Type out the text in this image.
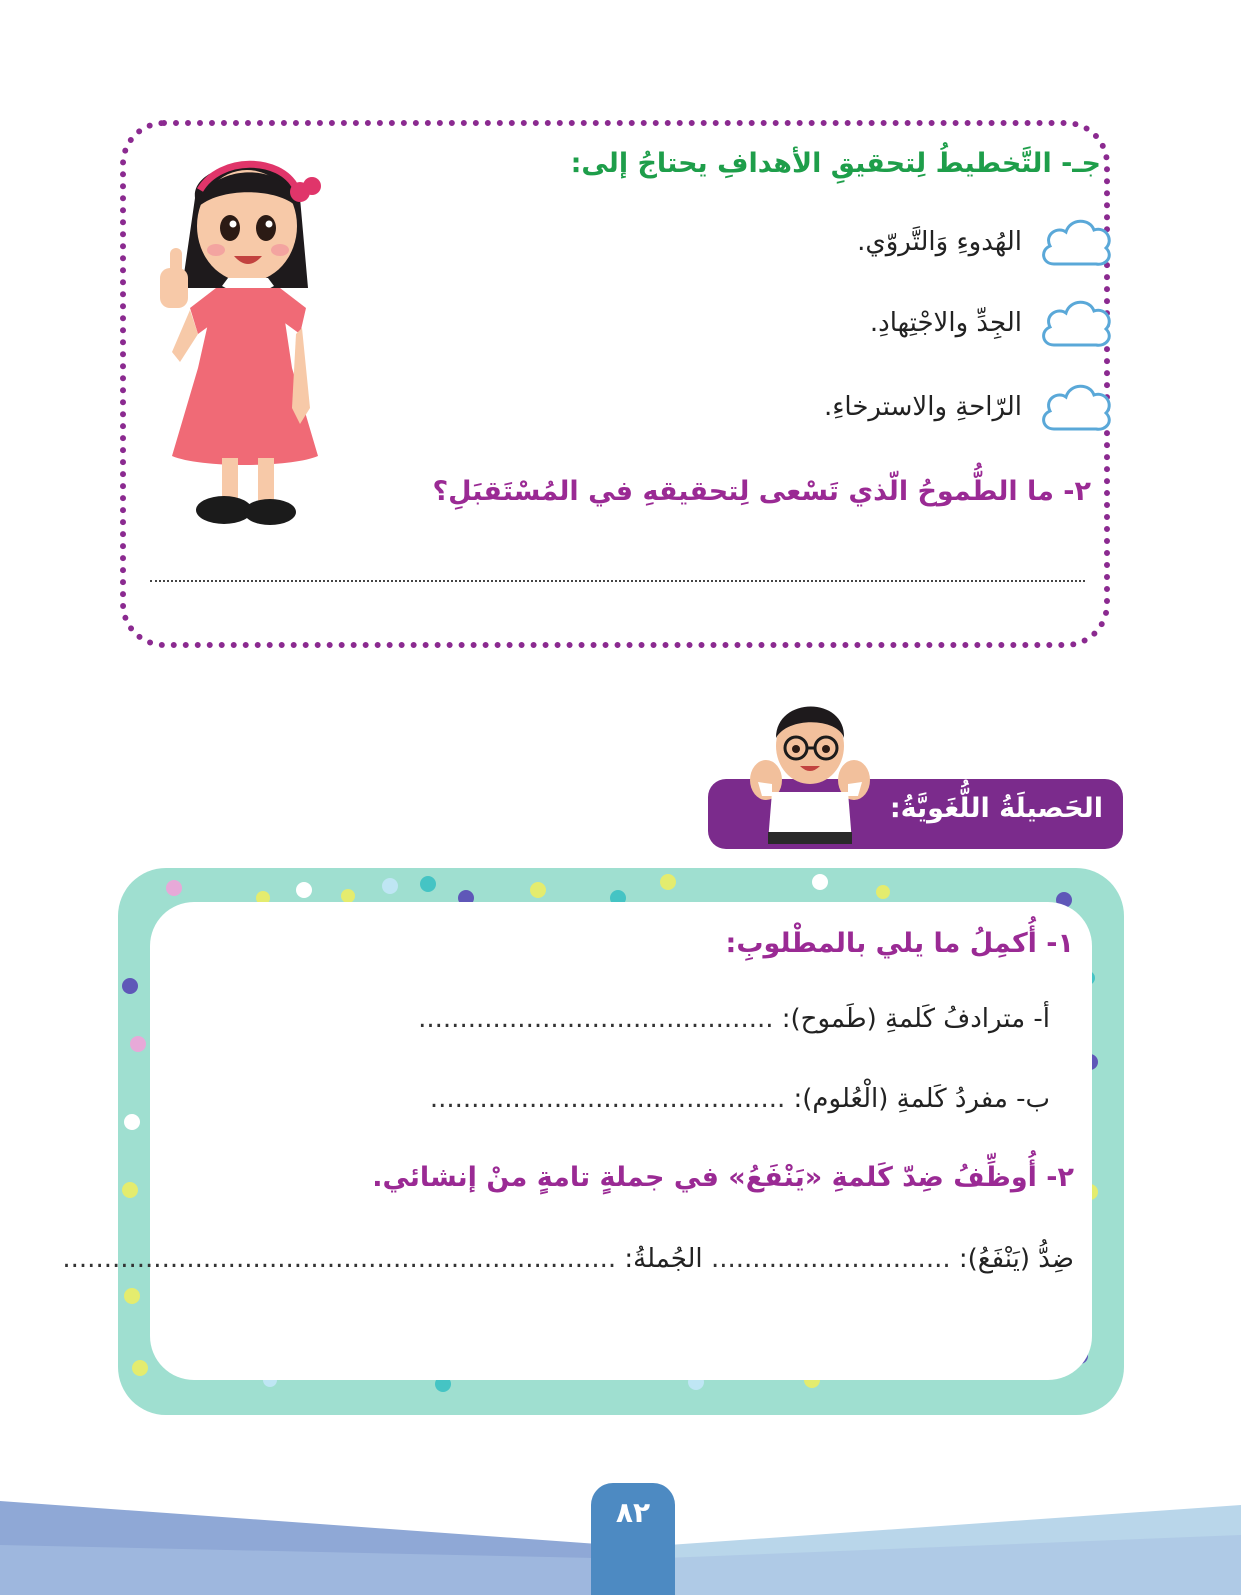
جـ- التَّخطيطُ لِتحقيقِ الأهدافِ يحتاجُ إلى:
الهُدوءِ وَالتَّروّي.
الجِدِّ والاجْتِهادِ.
الرّاحةِ والاسترخاءِ.
٢- ما الطُّموحُ الّذي تَسْعى لِتحقيقهِ في المُسْتَقبَلِ؟
الحَصيلَةُ اللُّغَويَّةُ:
١- أُكمِلُ ما يلي بالمطْلوبِ:
أ- مترادفُ كَلمةِ (طَموح): ...........................................
ب- مفردُ كَلمةِ (الْعُلوم): ...........................................
٢- أُوظِّفُ ضِدّ كَلمةِ «يَنْفَعُ» في جملةٍ تامةٍ منْ إنشائي.
ضِدُّ (يَنْفَعُ): ............................. الجُملةُ: ...................................................................
٨٢
